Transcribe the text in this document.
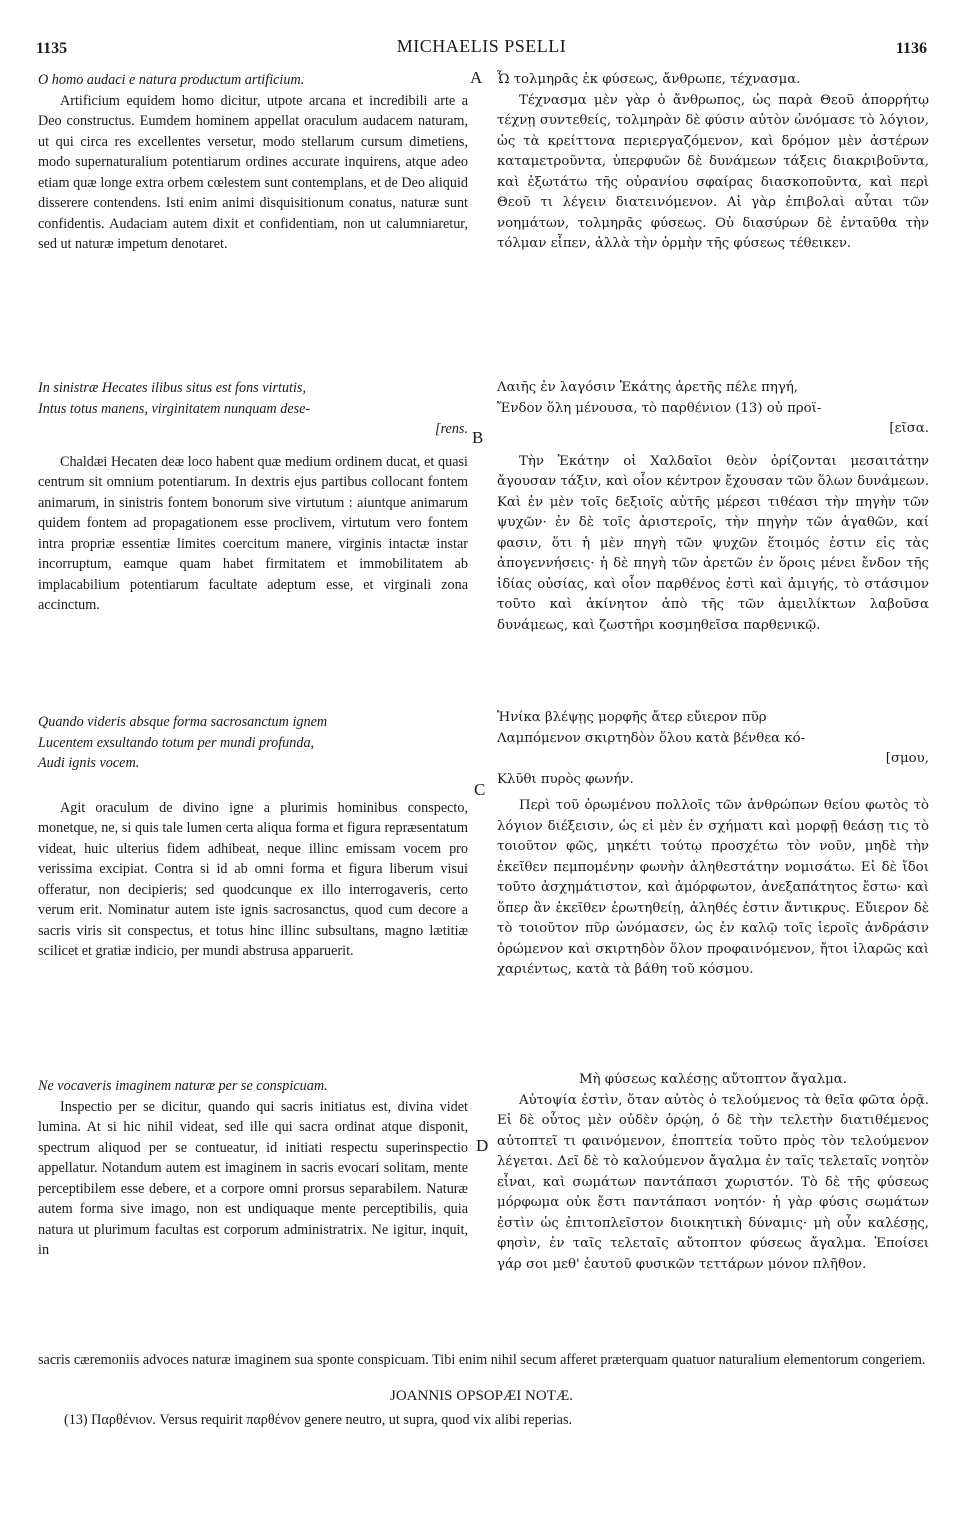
1135	MICHAELIS PSELLI	1136
A
B
C
D

O homo audaci e natura productum artificium.

Artificium equidem homo dicitur, utpote arcana et incredibili arte a Deo constructus. Eumdem hominem appellat oraculum audacem naturam, ut qui circa res excellentes versetur, modo stellarum cursum dimetiens, modo supernaturalium potentiarum ordines accurate inquirens, atque adeo etiam quæ longe extra orbem cœlestem sunt contemplans, et de Deo aliquid disserere contendens. Isti enim animi disquisitionum conatus, naturæ sunt confidentis. Audaciam autem dixit et confidentiam, non ut calumniaretur, sed ut naturæ impetum denotaret.

In sinistræ Hecates ilibus situs est fons virtutis,

Intus totus manens, virginitatem nunquam dese-

[rens.

Chaldæi Hecaten deæ loco habent quæ medium ordinem ducat, et quasi centrum sit omnium potentiarum. In dextris ejus partibus collocant fontem animarum, in sinistris fontem bonorum sive virtutum : aiuntque animarum quidem fontem ad propagationem esse proclivem, virtutum vero fontem intra propriæ essentiæ limites coercitum manere, virginis intactæ instar incorruptum, eamque quam habet firmitatem et immobilitatem ab implacabilium potentiarum facultate adeptum esse, et virginali zona accinctum.

Quando videris absque forma sacrosanctum ignem

Lucentem exsultando totum per mundi profunda,

Audi ignis vocem.

Agit oraculum de divino igne a plurimis hominibus conspecto, monetque, ne, si quis tale lumen certa aliqua forma et figura repræsentatum videat, huic ulterius fidem adhibeat, neque illinc emissam vocem pro verissima excipiat. Contra si id ab omni forma et figura liberum visui offeratur, non decipieris; sed quodcunque ex illo interrogaveris, certo verum erit. Nominatur autem iste ignis sacrosanctus, quod cum decore a sacris viris sit conspectus, et totus hinc illinc subsultans, magno lætitiæ scilicet et gratiæ indicio, per mundi abstrusa apparuerit.

Ne vocaveris imaginem naturæ per se conspicuam.

Inspectio per se dicitur, quando qui sacris initiatus est, divina videt lumina. At si hic nihil videat, sed ille qui sacra ordinat atque disponit, spectrum aliquod per se contueatur, id initiati respectu superinspectio appellatur. Notandum autem est imaginem in sacris evocari solitam, mente perceptibilem esse debere, et a corpore omni prorsus separabilem. Naturæ autem forma sive imago, non est undiquaque mente perceptibilis, quia natura ut plurimum facultas est corporum administratrix. Ne igitur, inquit, in

Ὦ τολμηρᾶς ἐκ φύσεως, ἄνθρωπε, τέχνασμα.

Τέχνασμα μὲν γὰρ ὁ ἄνθρωπος, ὡς παρὰ Θεοῦ ἀπορρήτῳ τέχνῃ συντεθείς, τολμηρὰν δὲ φύσιν αὐτὸν ὠνόμασε τὸ λόγιον, ὡς τὰ κρείττονα περιεργαζόμενον, καὶ δρόμον μὲν ἀστέρων καταμετροῦντα, ὑπερφυῶν δὲ δυνάμεων τάξεις διακριβοῦντα, καὶ ἐξωτάτω τῆς οὐρανίου σφαίρας διασκοποῦντα, καὶ περὶ Θεοῦ τι λέγειν διατεινόμενον. Αἱ γὰρ ἐπιβολαὶ αὗται τῶν νοημάτων, τολμηρᾶς φύσεως. Οὐ διασύρων δὲ ἐνταῦθα τὴν τόλμαν εἶπεν, ἀλλὰ τὴν ὁρμὴν τῆς φύσεως τέθεικεν.

Λαιῆς ἐν λαγόσιν Ἑκάτης ἀρετῆς πέλε πηγή,

Ἔνδον ὅλη μένουσα, τὸ παρθένιον (13) οὐ προϊ-

[εῖσα.

Τὴν Ἑκάτην οἱ Χαλδαῖοι θεὸν ὁρίζονται μεσαιτάτην ἄγουσαν τάξιν, καὶ οἷον κέντρον ἔχουσαν τῶν ὅλων δυνάμεων. Καὶ ἐν μὲν τοῖς δεξιοῖς αὐτῆς μέρεσι τιθέασι τὴν πηγὴν τῶν ψυχῶν· ἐν δὲ τοῖς ἀριστεροῖς, τὴν πηγὴν τῶν ἀγαθῶν, καί φασιν, ὅτι ἡ μὲν πηγὴ τῶν ψυχῶν ἕτοιμός ἐστιν εἰς τὰς ἀπογεννήσεις· ἡ δὲ πηγὴ τῶν ἀρετῶν ἐν ὅροις μένει ἔνδον τῆς ἰδίας οὐσίας, καὶ οἷον παρθένος ἐστὶ καὶ ἀμιγής, τὸ στάσιμον τοῦτο καὶ ἀκίνητον ἀπὸ τῆς τῶν ἀμειλίκτων λαβοῦσα δυνάμεως, καὶ ζωστῆρι κοσμηθεῖσα παρθενικῷ.

Ἡνίκα βλέψῃς μορφῆς ἄτερ εὔιερον πῦρ

Λαμπόμενον σκιρτηδὸν ὅλου κατὰ βένθεα κό-

[σμου,

Κλῦθι πυρὸς φωνήν.

Περὶ τοῦ ὁρωμένου πολλοῖς τῶν ἀνθρώπων θείου φωτὸς τὸ λόγιον διέξεισιν, ὡς εἰ μὲν ἐν σχήματι καὶ μορφῇ θεάσῃ τις τὸ τοιοῦτον φῶς, μηκέτι τούτῳ προσχέτω τὸν νοῦν, μηδὲ τὴν ἐκεῖθεν πεμπομένην φωνὴν ἀληθεστάτην νομισάτω. Εἰ δὲ ἴδοι τοῦτο ἀσχημάτιστον, καὶ ἀμόρφωτον, ἀνεξαπάτητος ἔστω· καὶ ὅπερ ἂν ἐκεῖθεν ἐρωτηθείῃ, ἀληθές ἐστιν ἄντικρυς. Εὔιερον δὲ τὸ τοιοῦτον πῦρ ὠνόμασεν, ὡς ἐν καλῷ τοῖς ἱεροῖς ἀνδράσιν ὁρώμενον καὶ σκιρτηδὸν ὅλον προφαινόμενον, ἤτοι ἱλαρῶς καὶ χαριέντως, κατὰ τὰ βάθη τοῦ κόσμου.

Μὴ φύσεως καλέσῃς αὔτοπτον ἄγαλμα.

Αὐτοψία ἐστὶν, ὅταν αὐτὸς ὁ τελούμενος τὰ θεῖα φῶτα ὁρᾷ. Εἰ δὲ οὗτος μὲν οὐδὲν ὁρῴη, ὁ δὲ τὴν τελετὴν διατιθέμενος αὐτοπτεῖ τι φαινόμενον, ἐποπτεία τοῦτο πρὸς τὸν τελούμενον λέγεται. Δεῖ δὲ τὸ καλούμενον ἄγαλμα ἐν ταῖς τελεταῖς νοητὸν εἶναι, καὶ σωμάτων παντάπασι χωριστόν. Τὸ δὲ τῆς φύσεως μόρφωμα οὐκ ἔστι παντάπασι νοητόν· ἡ γὰρ φύσις σωμάτων ἐστὶν ὡς ἐπιτοπλεῖστον διοικητικὴ δύναμις· μὴ οὖν καλέσῃς, φησὶν, ἐν ταῖς τελεταῖς αὔτοπτον φύσεως ἄγαλμα. Ἐποίσει γάρ σοι μεθ' ἑαυτοῦ φυσικῶν τεττάρων μόνον πλῆθον.

sacris cæremoniis advoces naturæ imaginem sua sponte conspicuam. Tibi enim nihil secum afferet præterquam quatuor naturalium elementorum congeriem.
JOANNIS OPSOPÆI NOTÆ.
(13) Παρθένιον. Versus requirit παρθένον genere neutro, ut supra, quod vix alibi reperias.
